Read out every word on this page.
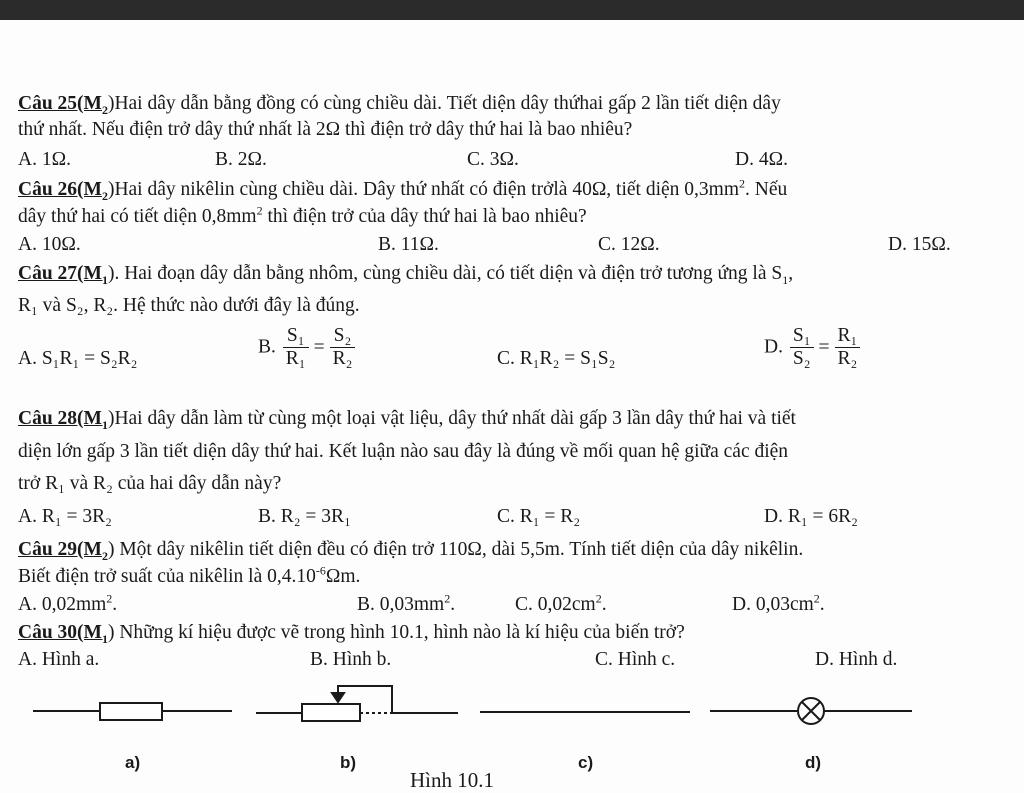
Câu $25(M_2)Hai$ dây dẫn bằng đồng có cùng chiều dài. Tiết diện dây thứhai gấp 2 lần tiết diện dây
thứ nhất. Nếu điện trở dây thứ nhất là 2Ω thì điện trở dây thứ hai là bao nhiêu?
A. 1Ω.	B. 2Ω.	C. 3Ω.	D. 4Ω.
Câu $26(M_2)Hai$ dây nikêlin cùng chiều dài. Dây thứ nhất có điện trởlà 40Ω, tiết diện $0,3mm^2$. Nếu
dây thứ hai có tiết diện $0,8mm^2$ thì điện trở của dây thứ hai là bao nhiêu?
A. 10Ω.	B. 11Ω.	C. 12Ω.	D. 15Ω.
Câu $27(M_1)$. Hai đoạn dây dẫn bằng nhôm, cùng chiều dài, có tiết diện và điện trở tương ứng là $S_1$,
R₁ và S₂, R₂. Hệ thức nào dưới đây là đúng.
A. S₁R₁ = S₂R₂
B. $\frac{\text{S₁}}{\text{R₁}} = \frac{\text{S₂}}{\text{R₂}}$	C. R₁R₂ = S₁S₂
D. $\frac{\text{S₁}}{\text{S₂}} = \frac{\text{R₁}}{\text{R₂}}$
Câu $28(M_1)Hai$ dây dẫn làm từ cùng một loại vật liệu, dây thứ nhất dài gấp 3 lần dây thứ hai và tiết
diện lớn gấp 3 lần tiết diện dây thứ hai. Kết luận nào sau đây là đúng về mối quan hệ giữa các điện
trở R₁ và R₂ của hai dây dẫn này?
A. R₁ = 3R₂	B. R₂ = 3R₁	C. R₁ = R₂	D. R₁ = 6R₂
Câu $29(M_2)$ Một dây nikêlin tiết diện đều có điện trở 110Ω, dài 5,5m. Tính tiết diện của dây nikêlin.
Biết điện trở suất của nikêlin là $0,4.10^{-6}\Omega m$.
A. $0,02mm^2$.	B. $0,03mm^2$.	C. $0,02cm^2$.	D. $0,03cm^2$.
Câu $30(M_1)$ Những kí hiệu được vẽ trong hình 10.1, hình nào là kí hiệu của biến trở?
A. Hình a.	B. Hình b.	C. Hình c.	D. Hình d.
a)	b)	c)	d)
Hình 10.1
